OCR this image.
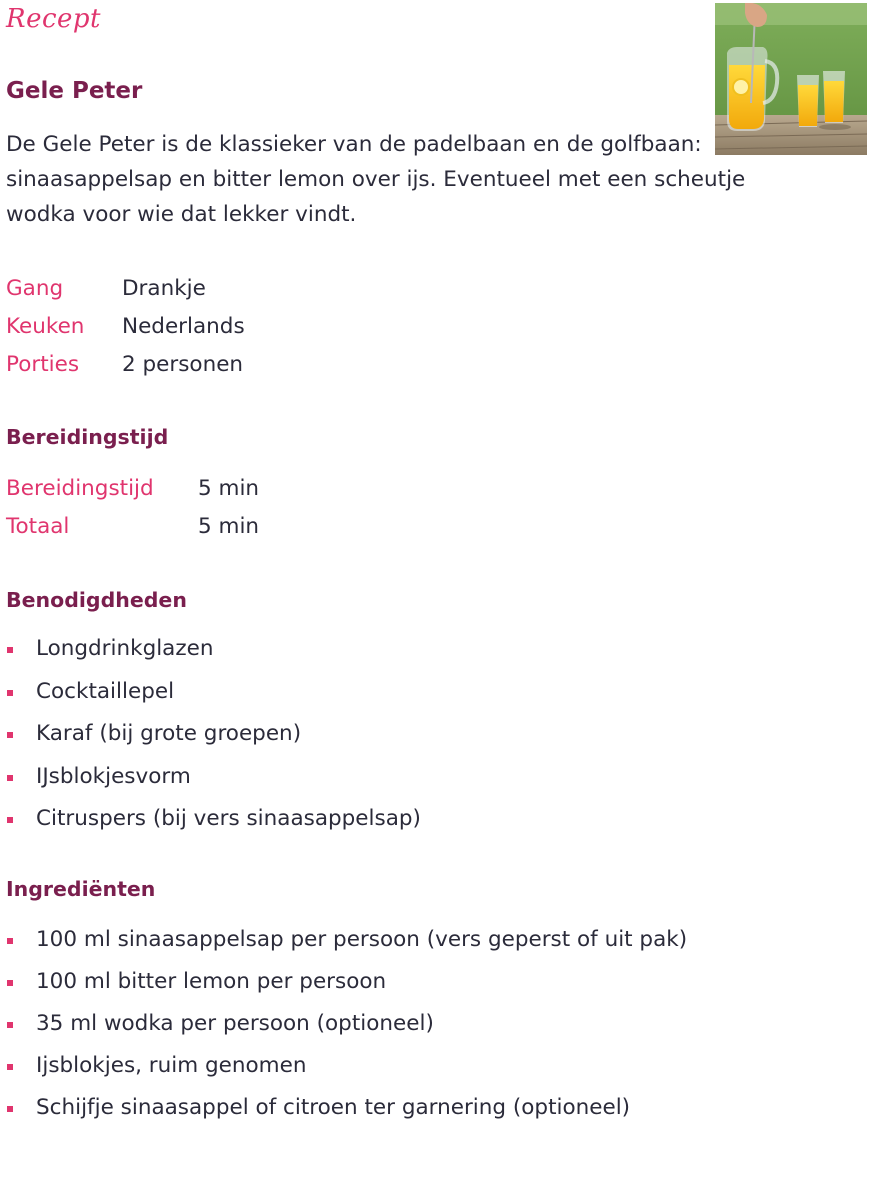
Recept
Gele Peter

De Gele Peter is de klassieker van de padelbaan en de golfbaan: sinaasappelsap en bitter lemon over ijs. Eventueel met een scheutje wodka voor wie dat lekker vindt.

Gang	Drankje
Keuken Nederlands
Porties 2 personen
Bereidingstijd
Bereidingstijd 5 min
Totaal	5 min
Benodigdheden
Longdrinkglazen
Cocktaillepel
Karaf (bij grote groepen)
IJsblokjesvorm
Citruspers (bij vers sinaasappelsap)
Ingrediënten
100 ml sinaasappelsap per persoon (vers geperst of uit pak)
100 ml bitter lemon per persoon
35 ml wodka per persoon (optioneel)
Ijsblokjes, ruim genomen
Schijfje sinaasappel of citroen ter garnering (optioneel)
